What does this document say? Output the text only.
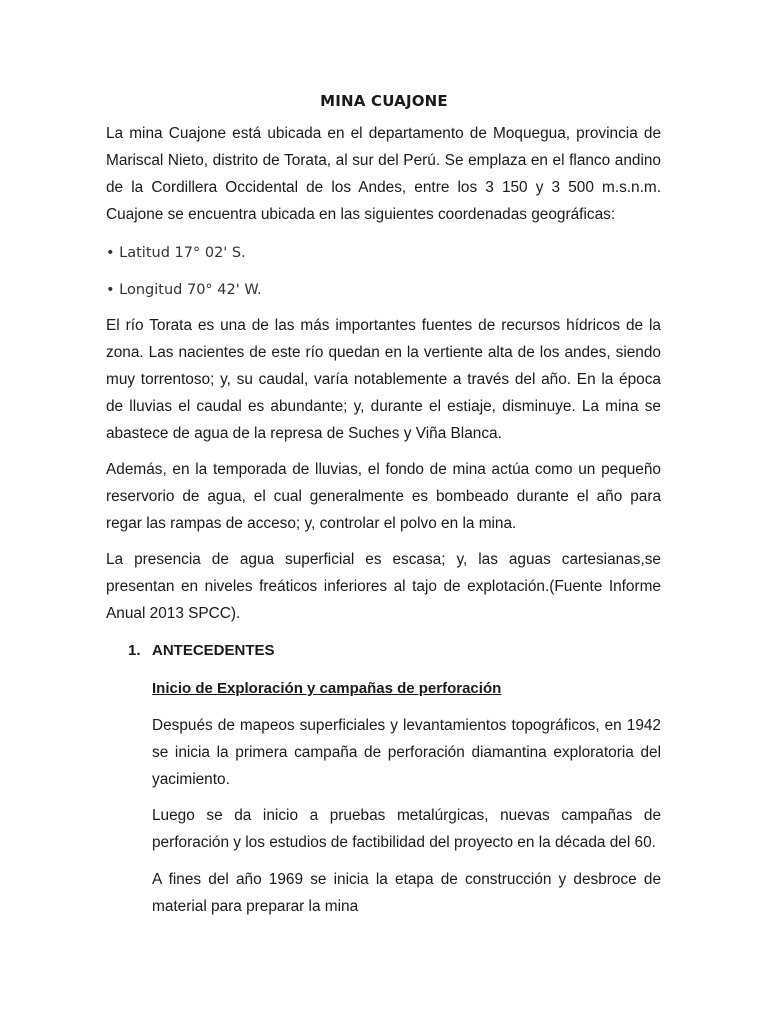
MINA CUAJONE

La mina Cuajone está ubicada en el departamento de Moquegua, provincia de Mariscal Nieto, distrito de Torata, al sur del Perú. Se emplaza en el flanco andino de la Cordillera Occidental de los Andes, entre los 3 150 y 3 500 m.s.n.m. Cuajone se encuentra ubicada en las siguientes coordenadas geográficas:

• Latitud 17° 02' S.

• Longitud 70° 42' W.

El río Torata es una de las más importantes fuentes de recursos hídricos de la zona. Las nacientes de este río quedan en la vertiente alta de los andes, siendo muy torrentoso; y, su caudal, varía notablemente a través del año. En la época de lluvias el caudal es abundante; y, durante el estiaje, disminuye. La mina se abastece de agua de la represa de Suches y Viña Blanca.

Además, en la temporada de lluvias, el fondo de mina actúa como un pequeño reservorio de agua, el cual generalmente es bombeado durante el año para regar las rampas de acceso; y, controlar el polvo en la mina.

La presencia de agua superficial es escasa; y, las aguas cartesianas,se presentan en niveles freáticos inferiores al tajo de explotación.(Fuente Informe Anual 2013 SPCC).

1. ANTECEDENTES

Inicio de Exploración y campañas de perforación

Después de mapeos superficiales y levantamientos topográficos, en 1942 se inicia la primera campaña de perforación diamantina exploratoria del yacimiento.

Luego se da inicio a pruebas metalúrgicas, nuevas campañas de perforación y los estudios de factibilidad del proyecto en la década del 60.

A fines del año 1969 se inicia la etapa de construcción y desbroce de material para preparar la mina
